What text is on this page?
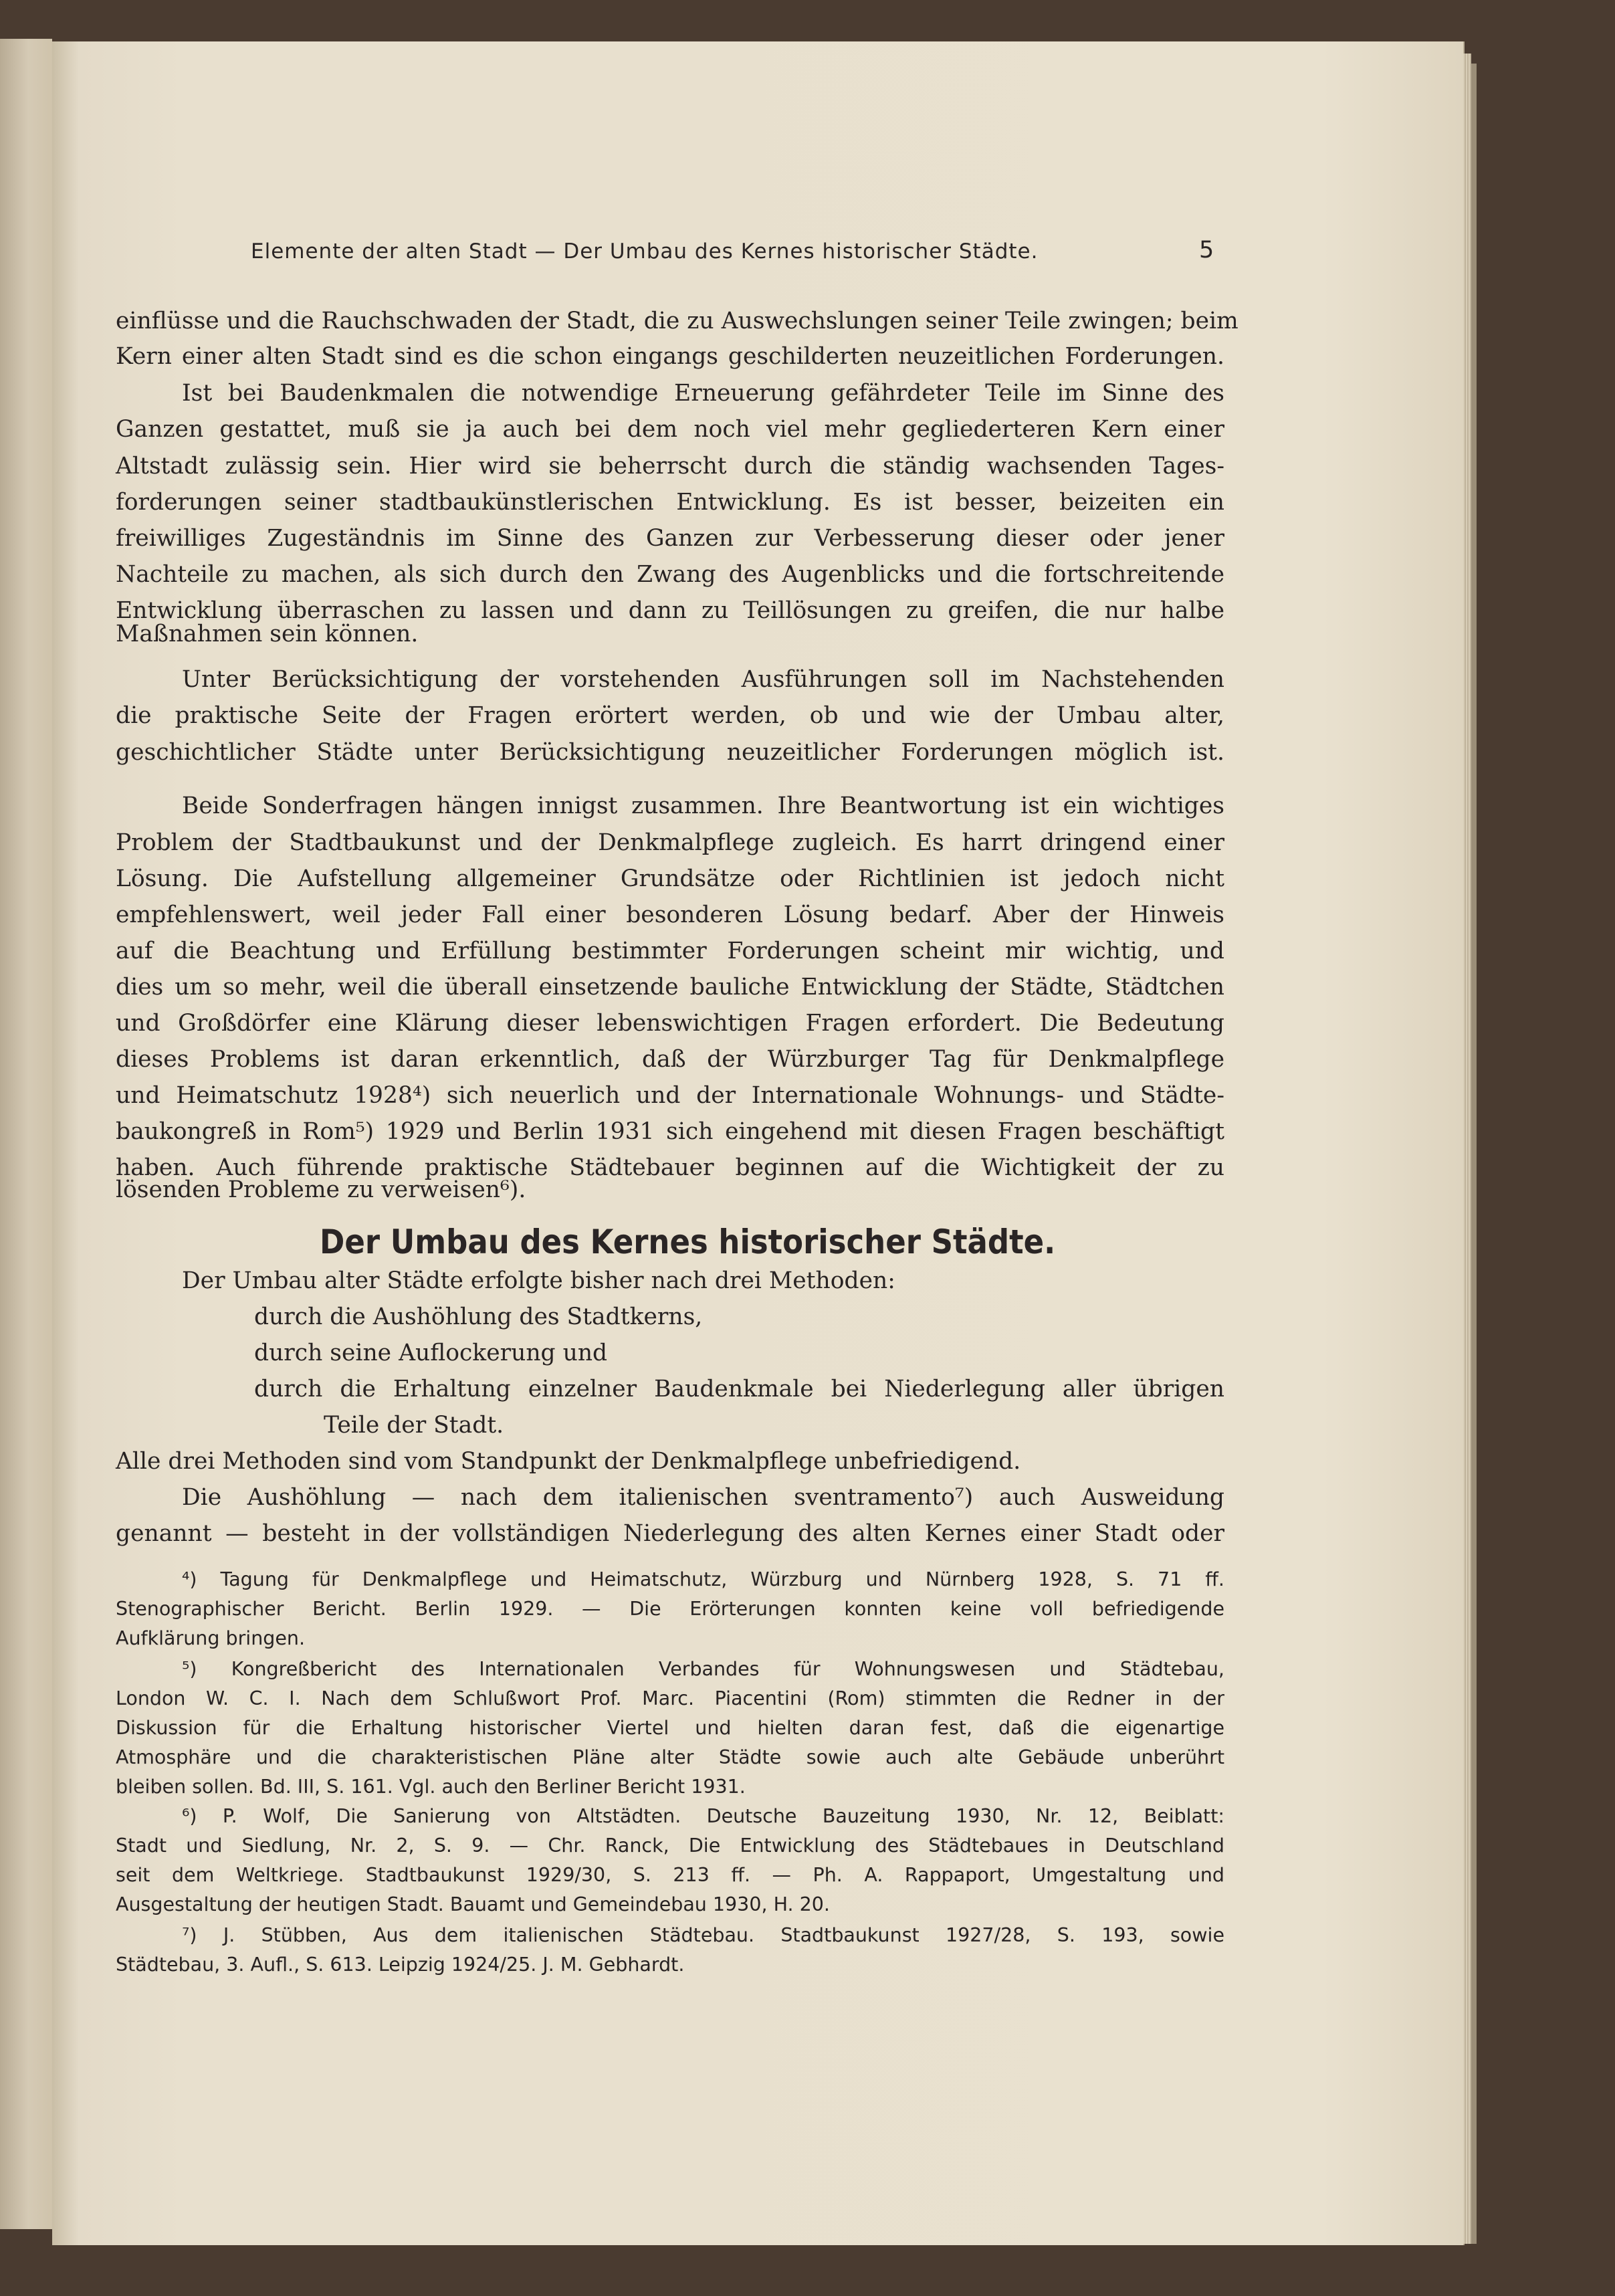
Elemente der alten Stadt — Der Umbau des Kernes historischer Städte.	5
einflüsse und die Rauchschwaden der Stadt, die zu Auswechslungen seiner Teile zwingen; beim
Kern einer alten Stadt sind es die schon eingangs geschilderten neuzeitlichen Forderungen.
Ist bei Baudenkmalen die notwendige Erneuerung gefährdeter Teile im Sinne des
Ganzen gestattet, muß sie ja auch bei dem noch viel mehr gegliederteren Kern einer
Altstadt zulässig sein. Hier wird sie beherrscht durch die ständig wachsenden Tages-
forderungen seiner stadtbaukünstlerischen Entwicklung. Es ist besser, beizeiten ein
freiwilliges Zugeständnis im Sinne des Ganzen zur Verbesserung dieser oder jener
Nachteile zu machen, als sich durch den Zwang des Augenblicks und die fortschreitende
Entwicklung überraschen zu lassen und dann zu Teillösungen zu greifen, die nur halbe
Maßnahmen sein können.
Unter Berücksichtigung der vorstehenden Ausführungen soll im Nachstehenden
die praktische Seite der Fragen erörtert werden, ob und wie der Umbau alter,
geschichtlicher Städte unter Berücksichtigung neuzeitlicher Forderungen möglich ist.
Beide Sonderfragen hängen innigst zusammen. Ihre Beantwortung ist ein wichtiges
Problem der Stadtbaukunst und der Denkmalpflege zugleich. Es harrt dringend einer
Lösung. Die Aufstellung allgemeiner Grundsätze oder Richtlinien ist jedoch nicht
empfehlenswert, weil jeder Fall einer besonderen Lösung bedarf. Aber der Hinweis
auf die Beachtung und Erfüllung bestimmter Forderungen scheint mir wichtig, und
dies um so mehr, weil die überall einsetzende bauliche Entwicklung der Städte, Städtchen
und Großdörfer eine Klärung dieser lebenswichtigen Fragen erfordert. Die Bedeutung
dieses Problems ist daran erkenntlich, daß der Würzburger Tag für Denkmalpflege
und Heimatschutz 1928⁴) sich neuerlich und der Internationale Wohnungs- und Städte-
baukongreß in Rom⁵) 1929 und Berlin 1931 sich eingehend mit diesen Fragen beschäftigt
haben. Auch führende praktische Städtebauer beginnen auf die Wichtigkeit der zu
lösenden Probleme zu verweisen⁶).
Der Umbau des Kernes historischer Städte.
Der Umbau alter Städte erfolgte bisher nach drei Methoden:
durch die Aushöhlung des Stadtkerns,
durch seine Auflockerung und
durch die Erhaltung einzelner Baudenkmale bei Niederlegung aller übrigen
Teile der Stadt.
Alle drei Methoden sind vom Standpunkt der Denkmalpflege unbefriedigend.
Die Aushöhlung — nach dem italienischen sventramento⁷) auch Ausweidung
genannt — besteht in der vollständigen Niederlegung des alten Kernes einer Stadt oder
⁴) Tagung für Denkmalpflege und Heimatschutz, Würzburg und Nürnberg 1928, S. 71 ff.
Stenographischer Bericht. Berlin 1929. — Die Erörterungen konnten keine voll befriedigende
Aufklärung bringen.
⁵) Kongreßbericht des Internationalen Verbandes für Wohnungswesen und Städtebau,
London W. C. I. Nach dem Schlußwort Prof. Marc. Piacentini (Rom) stimmten die Redner in der
Diskussion für die Erhaltung historischer Viertel und hielten daran fest, daß die eigenartige
Atmosphäre und die charakteristischen Pläne alter Städte sowie auch alte Gebäude unberührt
bleiben sollen. Bd. III, S. 161. Vgl. auch den Berliner Bericht 1931.
⁶) P. Wolf, Die Sanierung von Altstädten. Deutsche Bauzeitung 1930, Nr. 12, Beiblatt:
Stadt und Siedlung, Nr. 2, S. 9. — Chr. Ranck, Die Entwicklung des Städtebaues in Deutschland
seit dem Weltkriege. Stadtbaukunst 1929/30, S. 213 ff. — Ph. A. Rappaport, Umgestaltung und
Ausgestaltung der heutigen Stadt. Bauamt und Gemeindebau 1930, H. 20.
⁷) J. Stübben, Aus dem italienischen Städtebau. Stadtbaukunst 1927/28, S. 193, sowie
Städtebau, 3. Aufl., S. 613. Leipzig 1924/25. J. M. Gebhardt.
